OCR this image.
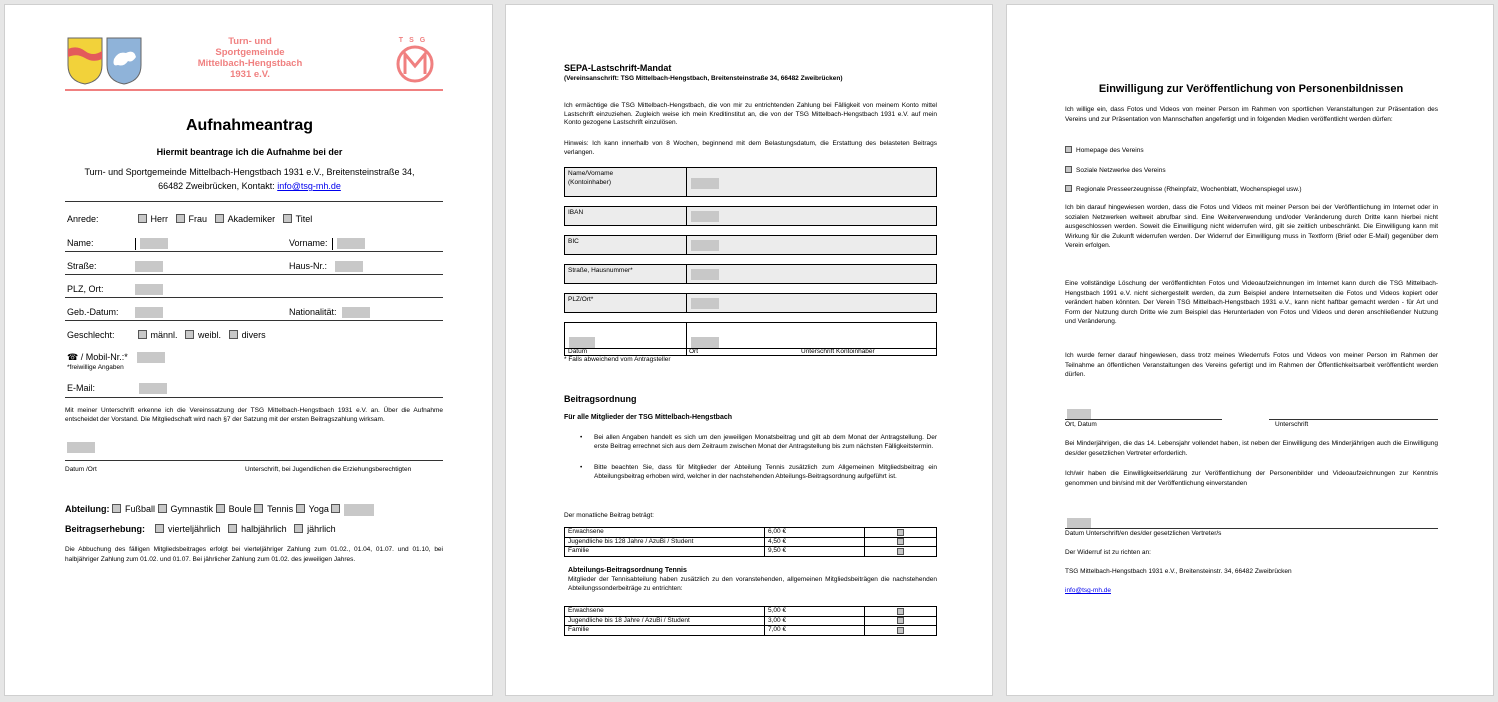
Turn- und
Sportgemeinde
Mittelbach-Hengstbach
1931 e.V.
TSG
Aufnahmeantrag
Hiermit beantrage ich die Aufnahme bei der
Turn- und Sportgemeinde Mittelbach-Hengstbach 1931 e.V., Breitensteinstraße 34,
66482 Zweibrücken, Kontakt: info@tsg-mh.de
Anrede:	Herr Frau Akademiker Titel
Name:	Vorname:
Straße:	Haus-Nr.:
PLZ, Ort:
Geb.-Datum:	Nationalität:
Geschlecht:	männl. weibl. divers
☎ / Mobil-Nr.:*
*freiwillige Angaben
E-Mail:
Mit meiner Unterschrift erkenne ich die Vereinssatzung der TSG Mittelbach-Hengstbach 1931 e.V. an. Über die Aufnahme entscheidet der Vorstand. Die Mitgliedschaft wird nach §7 der Satzung mit der ersten Beitragszahlung wirksam.
Datum /Ort	Unterschrift, bei Jugendlichen die Erziehungsberechtigten
Abteilung: Fußball Gymnastik Boule Tennis Yoga
Beitragserhebung:	vierteljährlich halbjährlich jährlich
Die Abbuchung des fälligen Mitgliedsbeitrages erfolgt bei vierteljähriger Zahlung zum 01.02., 01.04, 01.07. und 01.10, bei halbjähriger Zahlung zum 01.02. und 01.07. Bei jährlicher Zahlung zum 01.02. des jeweiligen Jahres.
SEPA-Lastschrift-Mandat
(Vereinsanschrift: TSG Mittelbach-Hengstbach, Breitensteinstraße 34, 66482 Zweibrücken)
Ich ermächtige die TSG Mittelbach-Hengstbach, die von mir zu entrichtenden Zahlung bei Fälligkeit von meinem Konto mittel Lastschrift einzuziehen. Zugleich weise ich mein Kreditinstitut an, die von der TSG Mittelbach-Hengstbach 1931 e.V. auf mein Konto gezogene Lastschrift einzulösen.
Hinweis: Ich kann innerhalb von 8 Wochen, beginnend mit dem Belastungsdatum, die Erstattung des belasteten Beitrags verlangen.
Name/Vorname
(Kontoinhaber)
IBAN
BIC
Straße, Hausnummer*
PLZ/Ort*
Datum	Ort	Unterschrift Kontoinhaber
* Falls abweichend vom Antragsteller
Beitragsordnung
Für alle Mitglieder der TSG Mittelbach-Hengstbach
• Bei allen Angaben handelt es sich um den jeweiligen Monatsbeitrag und gilt ab dem Monat der Antragstellung. Der erste Beitrag errechnet sich aus dem Zeitraum zwischen Monat der Antragstellung bis zum nächsten Fälligkeitstermin.
• Bitte beachten Sie, dass für Mitglieder der Abteilung Tennis zusätzlich zum Allgemeinen Mitgliedsbeitrag ein Abteilungsbeitrag erhoben wird, welcher in der nachstehenden Abteilungs-Beitragsordnung aufgeführt ist.
Der monatliche Beitrag beträgt:
Erwachsene	6,00 €	
Jugendliche bis 128 Jahre / AzuBi / Student	4,50 €	
Familie	9,50 €	
Abteilungs-Beitragsordnung Tennis
Mitglieder der Tennisabteilung haben zusätzlich zu den voranstehenden, allgemeinen Mitgliedsbeiträgen die nachstehenden Abteilungssonderbeiträge zu entrichten:
Erwachsene	5,00 €	
Jugendliche bis 18 Jahre / AzuBi / Student	3,00 €	
Familie	7,00 €	
Einwilligung zur Veröffentlichung von Personenbildnissen
Ich willige ein, dass Fotos und Videos von meiner Person im Rahmen von sportlichen Veranstaltungen zur Präsentation des Vereins und zur Präsentation von Mannschaften angefertigt und in folgenden Medien veröffentlicht werden dürfen:
Homepage des Vereins
Soziale Netzwerke des Vereins
Regionale Presseerzeugnisse (Rheinpfalz, Wochenblatt, Wochenspiegel usw.)
Ich bin darauf hingewiesen worden, dass die Fotos und Videos mit meiner Person bei der Veröffentlichung im Internet oder in sozialen Netzwerken weltweit abrufbar sind. Eine Weiterverwendung und/oder Veränderung durch Dritte kann hierbei nicht ausgeschlossen werden. Soweit die Einwilligung nicht widerrufen wird, gilt sie zeitlich unbeschränkt. Die Einwilligung kann mit Wirkung für die Zukunft widerrufen werden. Der Widerruf der Einwilligung muss in Textform (Brief oder E-Mail) gegenüber dem Verein erfolgen.
Eine vollständige Löschung der veröffentlichten Fotos und Videoaufzeichnungen im Internet kann durch die TSG Mittelbach-Hengstbach 1991 e.V. nicht sichergestellt werden, da zum Beispiel andere Internetseiten die Fotos und Videos kopiert oder verändert haben könnten. Der Verein TSG Mittelbach-Hengstbach 1931 e.V., kann nicht haftbar gemacht werden - für Art und Form der Nutzung durch Dritte wie zum Beispiel das Herunterladen von Fotos und Videos und deren anschließender Nutzung und Veränderung.
Ich wurde ferner darauf hingewiesen, dass trotz meines Wiederrufs Fotos und Videos von meiner Person im Rahmen der Teilnahme an öffentlichen Veranstaltungen des Vereins gefertigt und im Rahmen der Öffentlichkeitsarbeit veröffentlicht werden dürfen.
Ort, Datum	Unterschrift
Bei Minderjährigen, die das 14. Lebensjahr vollendet haben, ist neben der Einwilligung des Minderjährigen auch die Einwilligung des/der gesetzlichen Vertreter erforderlich.
Ich/wir haben die Einwilligkeitserklärung zur Veröffentlichung der Personenbilder und Videoaufzeichnungen zur Kenntnis genommen und bin/sind mit der Veröffentlichung einverstanden
Datum Unterschrift/en des/der gesetzlichen Vertreter/s
Der Widerruf ist zu richten an:
TSG Mittelbach-Hengstbach 1931 e.V., Breitensteinstr. 34, 66482 Zweibrücken
info@tsg-mh.de
